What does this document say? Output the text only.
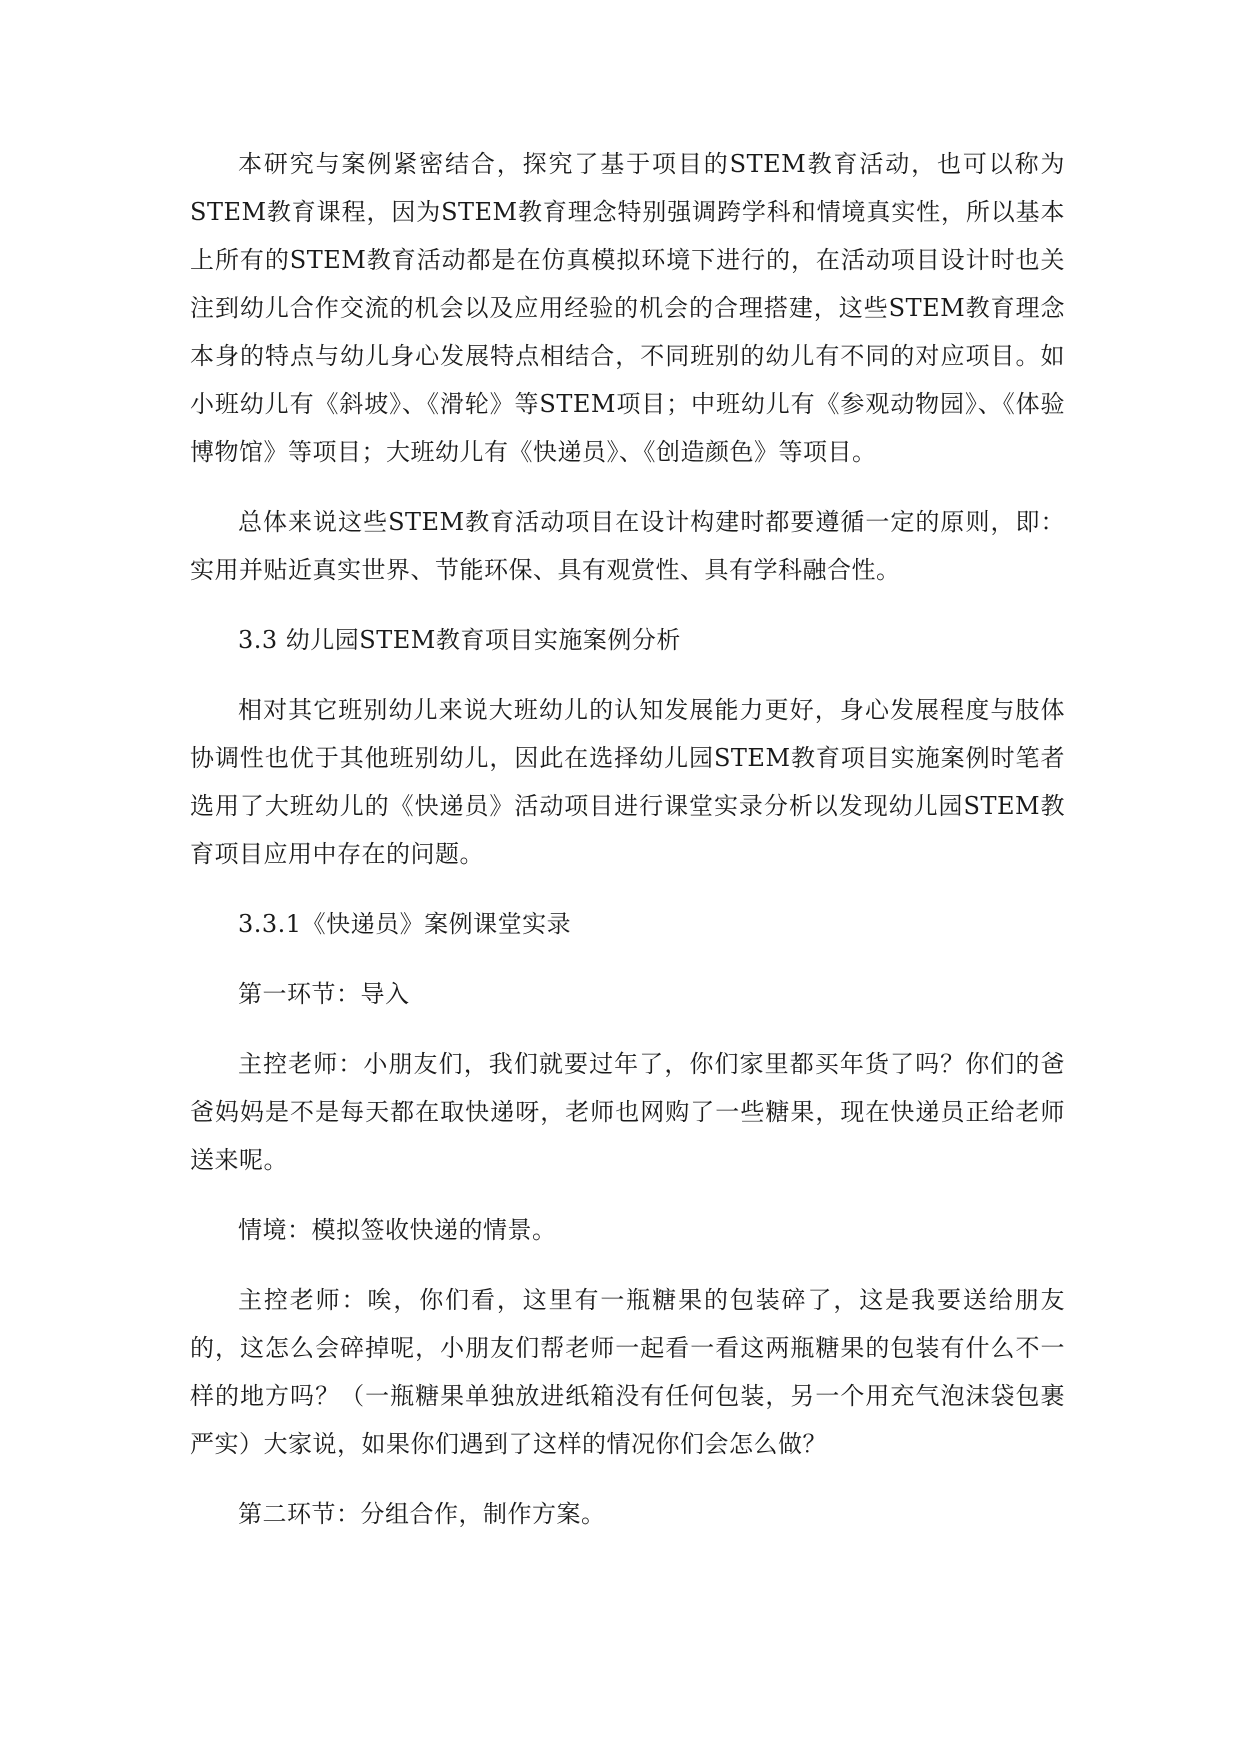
本研究与案例紧密结合，探究了基于项目的STEM教育活动，也可以称为STEM教育课程，因为STEM教育理念特别强调跨学科和情境真实性，所以基本上所有的STEM教育活动都是在仿真模拟环境下进行的，在活动项目设计时也关注到幼儿合作交流的机会以及应用经验的机会的合理搭建，这些STEM教育理念本身的特点与幼儿身心发展特点相结合，不同班别的幼儿有不同的对应项目。如小班幼儿有《斜坡》、《滑轮》等STEM项目；中班幼儿有《参观动物园》、《体验博物馆》等项目；大班幼儿有《快递员》、《创造颜色》等项目。

总体来说这些STEM教育活动项目在设计构建时都要遵循一定的原则，即：实用并贴近真实世界、节能环保、具有观赏性、具有学科融合性。

3.3 幼儿园STEM教育项目实施案例分析

相对其它班别幼儿来说大班幼儿的认知发展能力更好，身心发展程度与肢体协调性也优于其他班别幼儿，因此在选择幼儿园STEM教育项目实施案例时笔者选用了大班幼儿的《快递员》活动项目进行课堂实录分析以发现幼儿园STEM教育项目应用中存在的问题。

3.3.1《快递员》案例课堂实录

第一环节：导入

主控老师：小朋友们，我们就要过年了，你们家里都买年货了吗？你们的爸爸妈妈是不是每天都在取快递呀，老师也网购了一些糖果，现在快递员正给老师送来呢。

情境：模拟签收快递的情景。

主控老师：唉，你们看，这里有一瓶糖果的包装碎了，这是我要送给朋友的，这怎么会碎掉呢，小朋友们帮老师一起看一看这两瓶糖果的包装有什么不一样的地方吗？（一瓶糖果单独放进纸箱没有任何包装，另一个用充气泡沫袋包裹严实）大家说，如果你们遇到了这样的情况你们会怎么做？

第二环节：分组合作，制作方案。
